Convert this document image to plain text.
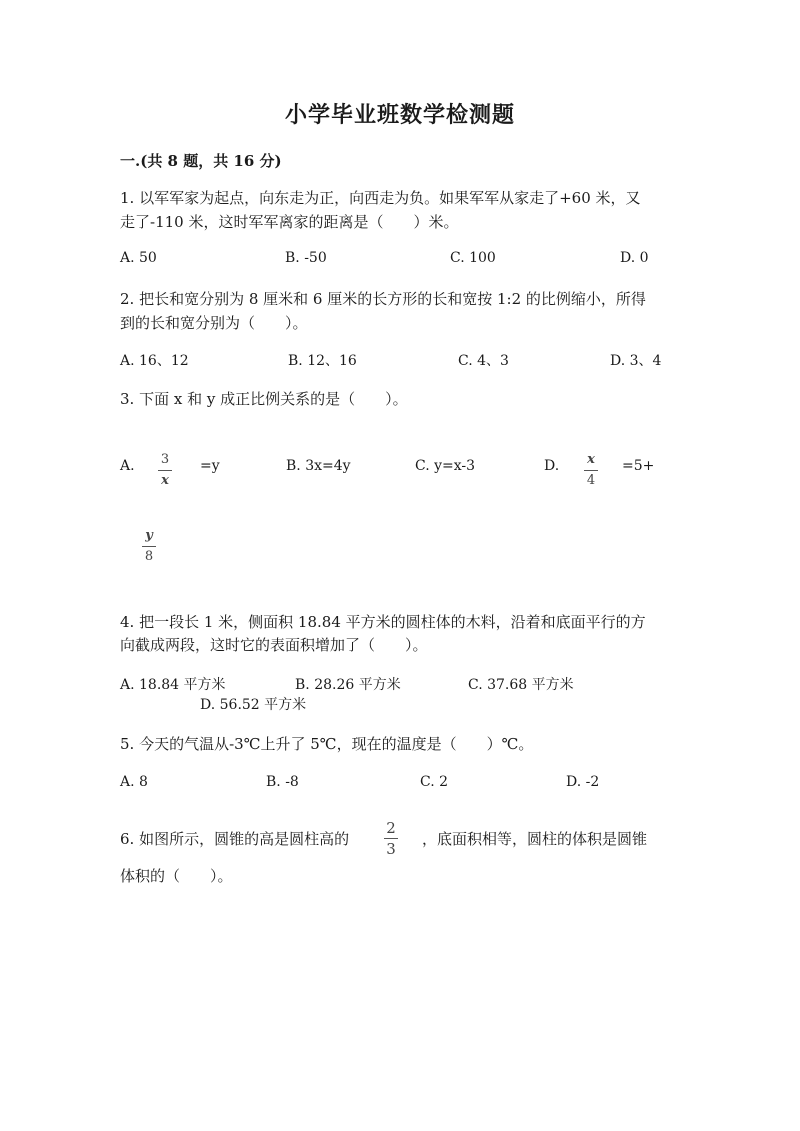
小学毕业班数学检测题
一.(共 8 题，共 16 分)
1. 以军军家为起点，向东走为正，向西走为负。如果军军从家走了+60 米，又
走了-110 米，这时军军离家的距离是（　　）米。
A. 50	B. -50	C. 100	D. 0
2. 把长和宽分别为 8 厘米和 6 厘米的长方形的长和宽按 1:2 的比例缩小，所得
到的长和宽分别为（　　）。
A. 16、12	B. 12、16	C. 4、3	D. 3、4
3. 下面 x 和 y 成正比例关系的是（　　）。
A. 3
x
=y	B. 3x=4y	C. y=x-3	D. x
4
=5+
y
8
4. 把一段长 1 米，侧面积 18.84 平方米的圆柱体的木料，沿着和底面平行的方
向截成两段，这时它的表面积增加了（　　）。
A. 18.84 平方米	B. 28.26 平方米	C. 37.68 平方米
D. 56.52 平方米
5. 今天的气温从-3℃上升了 5℃，现在的温度是（　　）℃。
A. 8	B. -8	C. 2	D. -2
6. 如图所示，圆锥的高是圆柱高的
2
3
，底面积相等，圆柱的体积是圆锥
体积的（　　）。
